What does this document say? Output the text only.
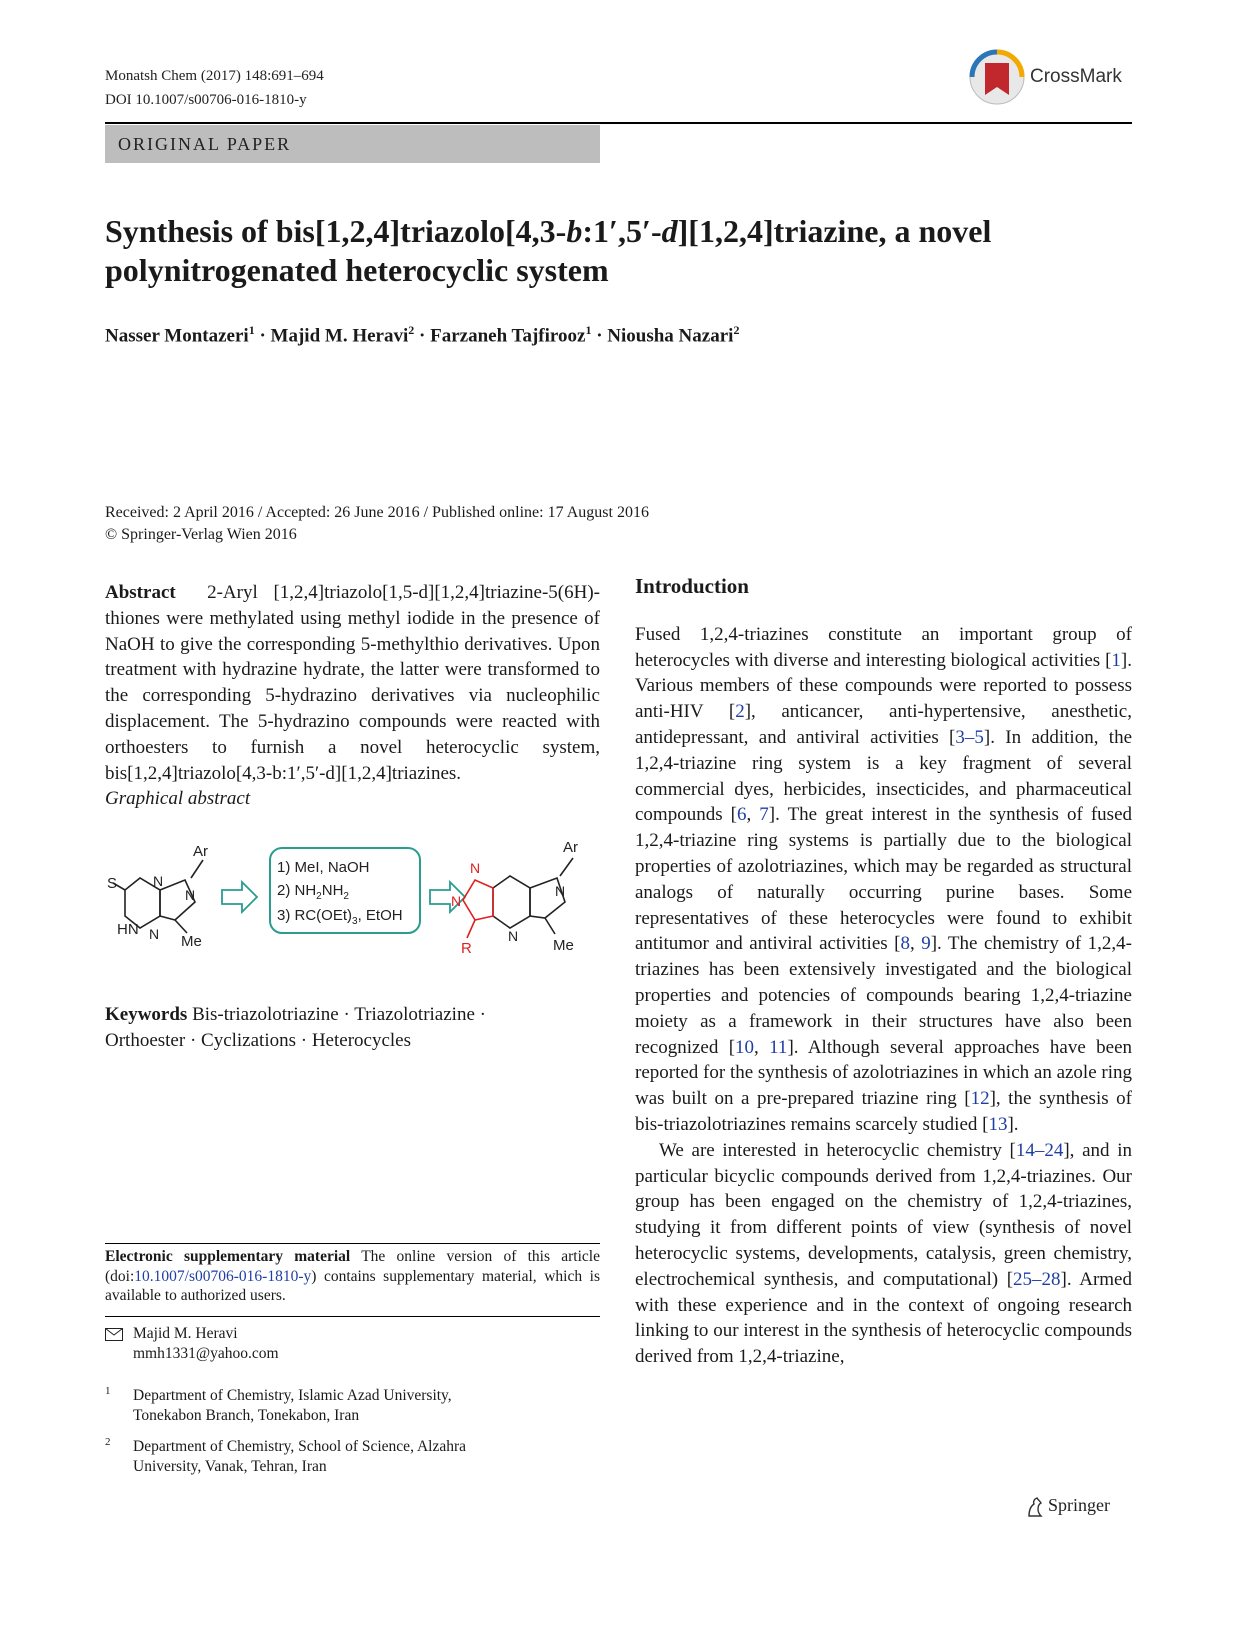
Monatsh Chem (2017) 148:691–694
DOI 10.1007/s00706-016-1810-y
CrossMark
ORIGINAL PAPER
Synthesis of bis[1,2,4]triazolo[4,3-b:1′,5′-d][1,2,4]triazine, a novel
polynitrogenated heterocyclic system
Nasser Montazeri$^1$ · Majid M. Heravi$^2$ · Farzaneh Tajfirooz$^1$ · Niousha Nazari$^2$
Received: 2 April 2016 / Accepted: 26 June 2016 / Published online: 17 August 2016
© Springer-Verlag Wien 2016

Abstract 2-Aryl [1,2,4]triazolo[1,5-d][1,2,4]triazine-5(6H)-thiones were methylated using methyl iodide in the presence of NaOH to give the corresponding 5-methylthio derivatives. Upon treatment with hydrazine hydrate, the latter were transformed to the corresponding 5-hydrazino derivatives via nucleophilic displacement. The 5-hydrazino compounds were reacted with orthoesters to furnish a novel heterocyclic system, bis[1,2,4]triazolo[4,3-b:1′,5′-d][1,2,4]triazines.

Graphical abstract

Ar
S
HN
Me
N
N
N
1) MeI, NaOH
2) $NH_2NH_2$
3) $RC(OEt)_3$, EtOH
Ar
Me
R
N
N
N
N
Keywords Bis-triazolotriazine · Triazolotriazine ·
Orthoester · Cyclizations · Heterocycles
Electronic supplementary material The online version of this article (doi:10.1007/s00706-016-1810-y) contains supplementary material, which is available to authorized users.
Majid M. Heravi
mmh1331@yahoo.com
1 Department of Chemistry, Islamic Azad University,
Tonekabon Branch, Tonekabon, Iran
2 Department of Chemistry, School of Science, Alzahra
University, Vanak, Tehran, Iran
Introduction

Fused 1,2,4-triazines constitute an important group of heterocycles with diverse and interesting biological activities [1]. Various members of these compounds were reported to possess anti-HIV [2], anticancer, anti-hypertensive, anesthetic, antidepressant, and antiviral activities [3–5]. In addition, the 1,2,4-triazine ring system is a key fragment of several commercial dyes, herbicides, insecticides, and pharmaceutical compounds [6, 7]. The great interest in the synthesis of fused 1,2,4-triazine ring systems is partially due to the biological properties of azolotriazines, which may be regarded as structural analogs of naturally occurring purine bases. Some representatives of these heterocycles were found to exhibit antitumor and antiviral activities [8, 9]. The chemistry of 1,2,4-triazines has been extensively investigated and the biological properties and potencies of compounds bearing 1,2,4-triazine moiety as a framework in their structures have also been recognized [10, 11]. Although several approaches have been reported for the synthesis of azolotriazines in which an azole ring was built on a pre-prepared triazine ring [12], the synthesis of bis-triazolotriazines remains scarcely studied [13].

We are interested in heterocyclic chemistry [14–24], and in particular bicyclic compounds derived from 1,2,4-triazines. Our group has been engaged on the chemistry of 1,2,4-triazines, studying it from different points of view (synthesis of novel heterocyclic systems, developments, catalysis, green chemistry, electrochemical synthesis, and computational) [25–28]. Armed with these experience and in the context of ongoing research linking to our interest in the synthesis of heterocyclic compounds derived from 1,2,4-triazine,

Springer
